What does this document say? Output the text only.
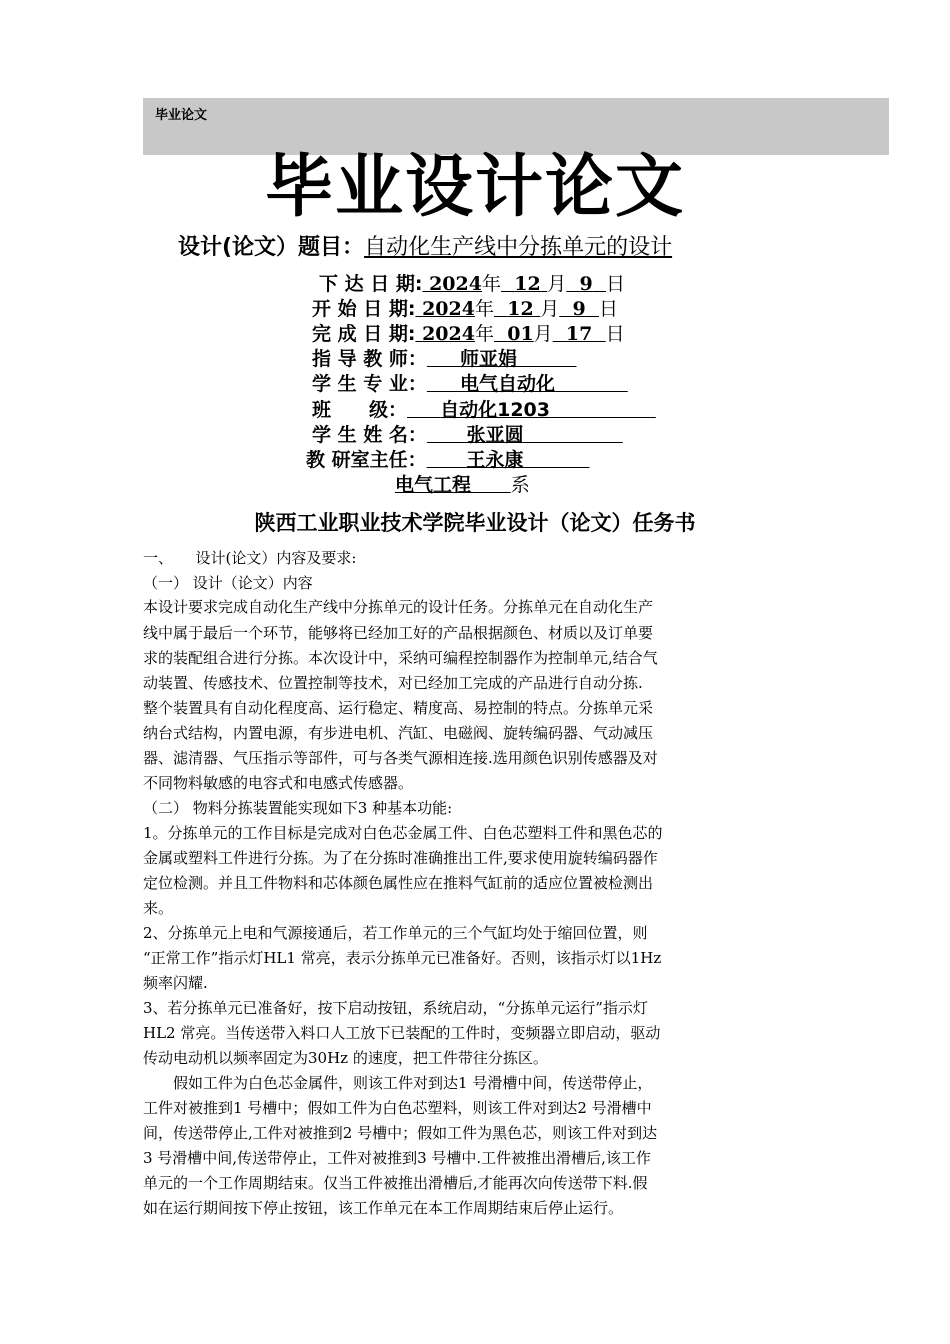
毕业论文
毕业设计论文
设计(论文）题目：自动化生产线中分拣单元的设计
下 达 日 期: 2024年 12 月 9 日
开 始 日 期: 2024年 12 月 9 日
完 成 日 期: 2024年 01月 17 日
指 导 教 师： 师亚娟
学 生 专 业： 电气自动化
班　　级： 自动化1203
学 生 姓 名： 张亚圆
教 研室主任： 王永康
电气工程 系
陕西工业职业技术学院毕业设计（论文）任务书
一、　　设计(论文）内容及要求:
（一） 设计（论文）内容
本设计要求完成自动化生产线中分拣单元的设计任务。分拣单元在自动化生产
线中属于最后一个环节，能够将已经加工好的产品根据颜色、材质以及订单要
求的装配组合进行分拣。本次设计中，采纳可编程控制器作为控制单元,结合气
动装置、传感技术、位置控制等技术，对已经加工完成的产品进行自动分拣.
整个装置具有自动化程度高、运行稳定、精度高、易控制的特点。分拣单元采
纳台式结构，内置电源，有步进电机、汽缸、电磁阀、旋转编码器、气动减压
器、滤清器、气压指示等部件，可与各类气源相连接.选用颜色识别传感器及对
不同物料敏感的电容式和电感式传感器。
（二） 物料分拣装置能实现如下3 种基本功能:
1。分拣单元的工作目标是完成对白色芯金属工件、白色芯塑料工件和黑色芯的
金属或塑料工件进行分拣。为了在分拣时准确推出工件,要求使用旋转编码器作
定位检测。并且工件物料和芯体颜色属性应在推料气缸前的适应位置被检测出
来。
2、分拣单元上电和气源接通后，若工作单元的三个气缸均处于缩回位置，则
“正常工作”指示灯HL1 常亮，表示分拣单元已准备好。否则，该指示灯以1Hz
频率闪耀.
3、若分拣单元已准备好，按下启动按钮，系统启动，“分拣单元运行”指示灯
HL2 常亮。当传送带入料口人工放下已装配的工件时，变频器立即启动，驱动
传动电动机以频率固定为30Hz 的速度，把工件带往分拣区。
　　假如工件为白色芯金属件，则该工件对到达1 号滑槽中间，传送带停止，
工件对被推到1 号槽中；假如工件为白色芯塑料，则该工件对到达2 号滑槽中
间，传送带停止,工件对被推到2 号槽中；假如工件为黑色芯，则该工件对到达
3 号滑槽中间,传送带停止，工件对被推到3 号槽中.工件被推出滑槽后,该工作
单元的一个工作周期结束。仅当工件被推出滑槽后,才能再次向传送带下料.假
如在运行期间按下停止按钮，该工作单元在本工作周期结束后停止运行。
